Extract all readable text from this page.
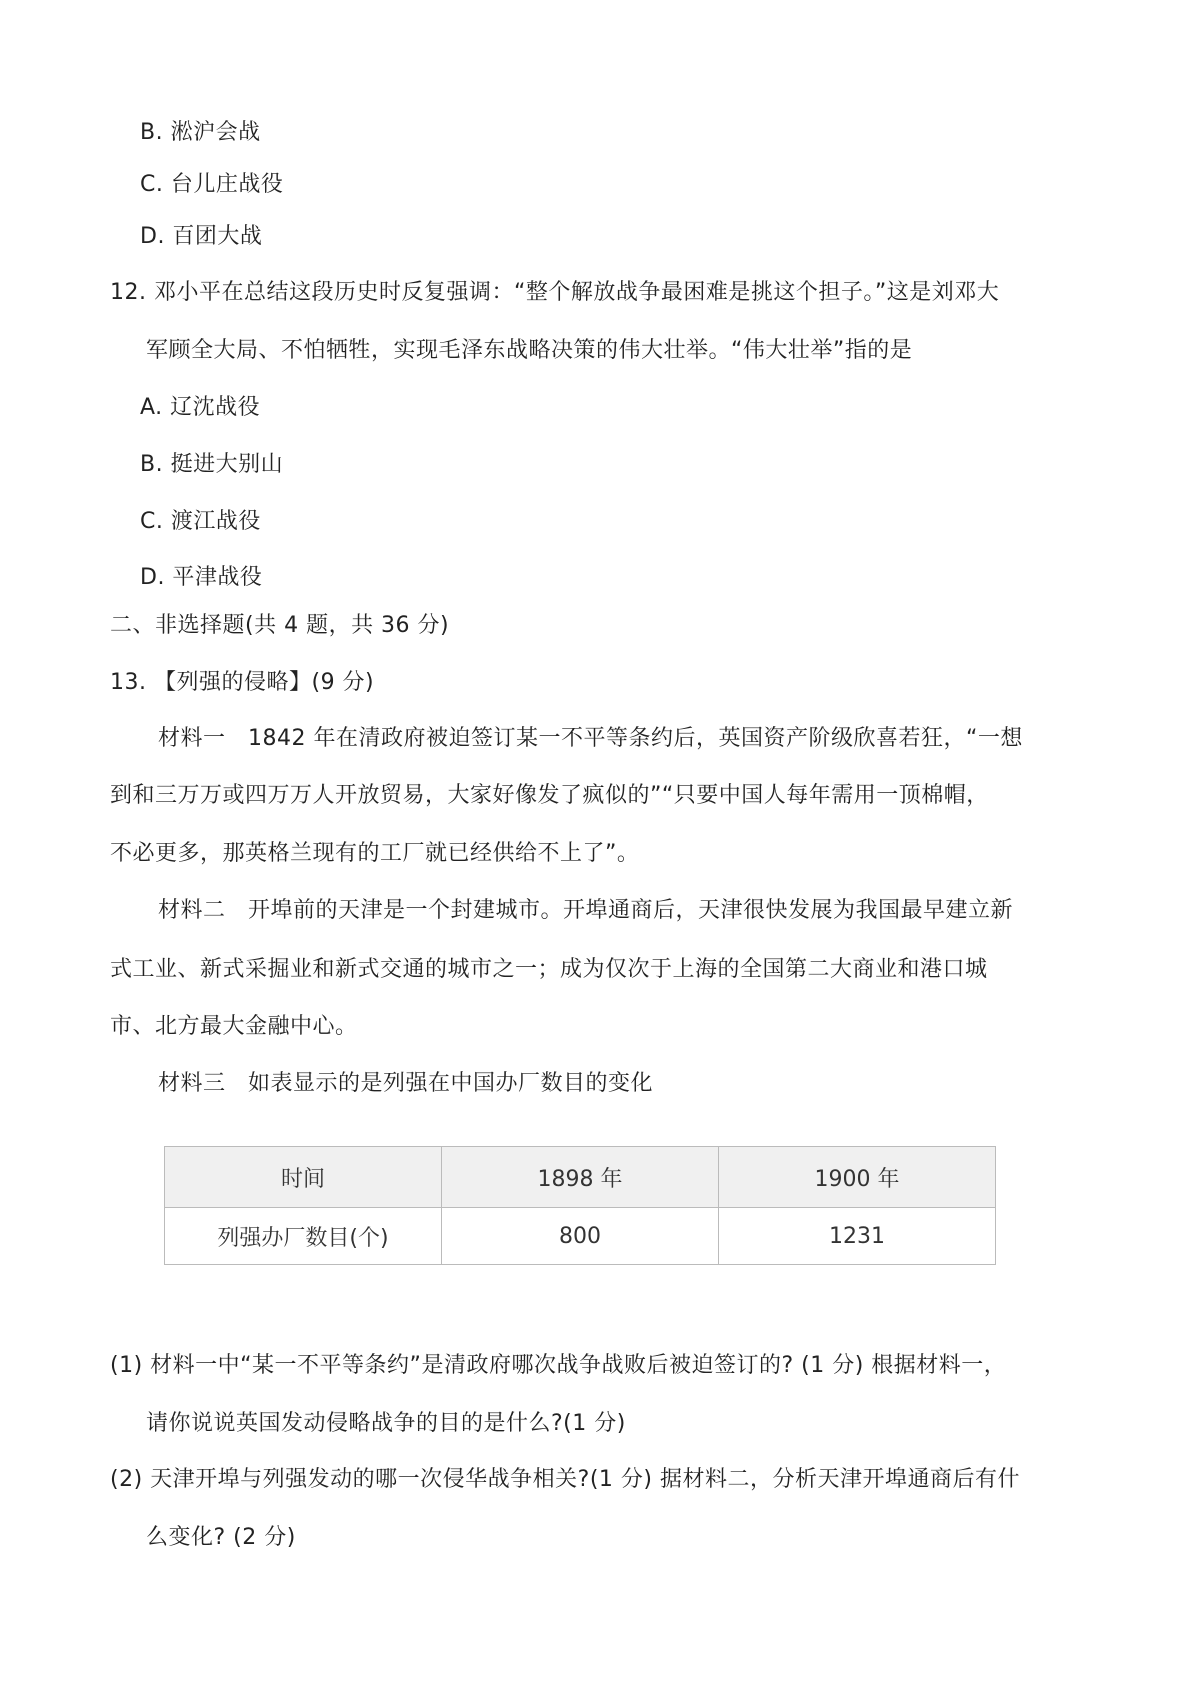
B. 淞沪会战
C. 台儿庄战役
D. 百团大战
12. 邓小平在总结这段历史时反复强调：“整个解放战争最困难是挑这个担子。”这是刘邓大
军顾全大局、不怕牺牲，实现毛泽东战略决策的伟大壮举。“伟大壮举”指的是
A. 辽沈战役
B. 挺进大别山
C. 渡江战役
D. 平津战役
二、非选择题(共 4 题，共 36 分)
13. 【列强的侵略】(9 分)
材料一　1842 年在清政府被迫签订某一不平等条约后，英国资产阶级欣喜若狂，“一想
到和三万万或四万万人开放贸易，大家好像发了疯似的”“只要中国人每年需用一顶棉帽，
不必更多，那英格兰现有的工厂就已经供给不上了”。
材料二　开埠前的天津是一个封建城市。开埠通商后，天津很快发展为我国最早建立新
式工业、新式采掘业和新式交通的城市之一；成为仅次于上海的全国第二大商业和港口城
市、北方最大金融中心。
材料三　如表显示的是列强在中国办厂数目的变化
时间	1898 年	1900 年
列强办厂数目(个)	800	1231
(1) 材料一中“某一不平等条约”是清政府哪次战争战败后被迫签订的? (1 分) 根据材料一，
请你说说英国发动侵略战争的目的是什么?(1 分)
(2) 天津开埠与列强发动的哪一次侵华战争相关?(1 分) 据材料二，分析天津开埠通商后有什
么变化? (2 分)
